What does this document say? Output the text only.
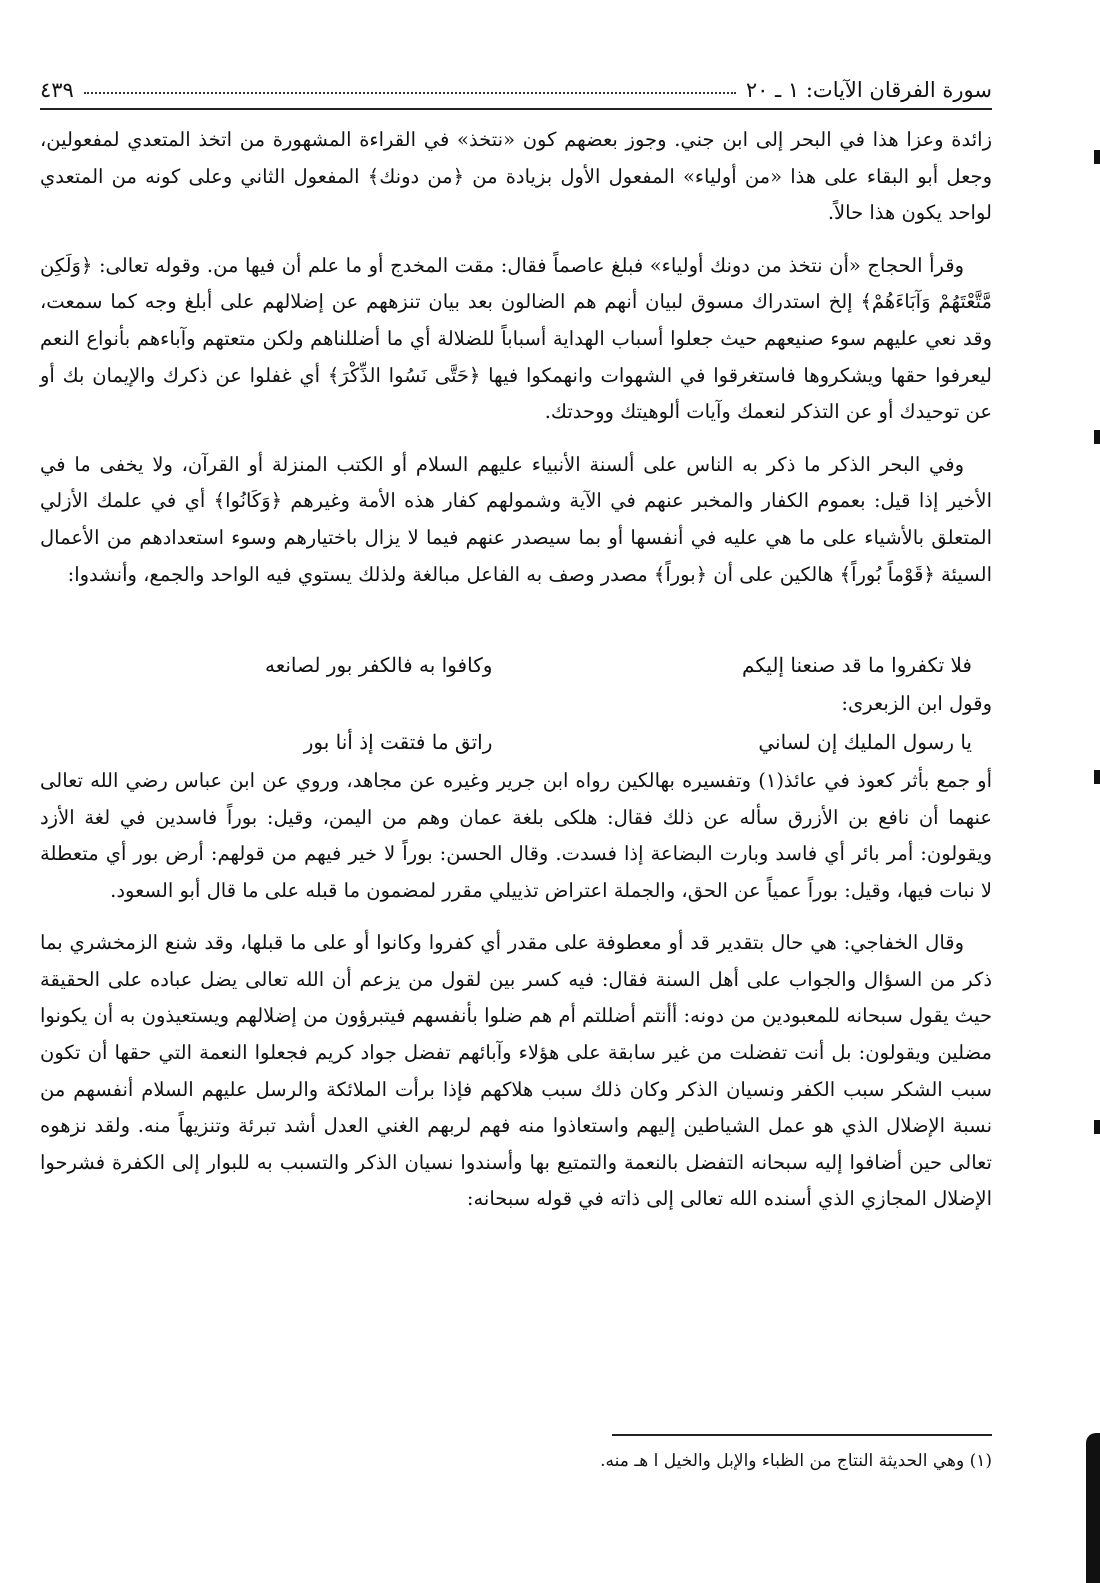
سورة الفرقان الآيات: ١ ـ ٢٠
٤٣٩

زائدة وعزا هذا في البحر إلى ابن جني. وجوز بعضهم كون «نتخذ» في القراءة المشهورة من اتخذ المتعدي لمفعولين، وجعل أبو البقاء على هذا «من أولياء» المفعول الأول بزيادة من ﴿من دونك﴾ المفعول الثاني وعلى كونه من المتعدي لواحد يكون هذا حالاً.

وقرأ الحجاج «أن نتخذ من دونك أولياء» فبلغ عاصماً فقال: مقت المخدج أو ما علم أن فيها من. وقوله تعالى: ﴿وَلَكِن مَّتَّعْتَهُمْ وَآبَاءَهُمْ﴾ إلخ استدراك مسوق لبيان أنهم هم الضالون بعد بيان تنزههم عن إضلالهم على أبلغ وجه كما سمعت، وقد نعي عليهم سوء صنيعهم حيث جعلوا أسباب الهداية أسباباً للضلالة أي ما أضللناهم ولكن متعتهم وآباءهم بأنواع النعم ليعرفوا حقها ويشكروها فاستغرقوا في الشهوات وانهمكوا فيها ﴿حَتَّى نَسُوا الذِّكْرَ﴾ أي غفلوا عن ذكرك والإيمان بك أو عن توحيدك أو عن التذكر لنعمك وآيات ألوهيتك ووحدتك.

وفي البحر الذكر ما ذكر به الناس على ألسنة الأنبياء عليهم السلام أو الكتب المنزلة أو القرآن، ولا يخفى ما في الأخير إذا قيل: بعموم الكفار والمخبر عنهم في الآية وشمولهم كفار هذه الأمة وغيرهم ﴿وَكَانُوا﴾ أي في علمك الأزلي المتعلق بالأشياء على ما هي عليه في أنفسها أو بما سيصدر عنهم فيما لا يزال باختيارهم وسوء استعدادهم من الأعمال السيئة ﴿قَوْماً بُوراً﴾ هالكين على أن ﴿بوراً﴾ مصدر وصف به الفاعل مبالغة ولذلك يستوي فيه الواحد والجمع، وأنشدوا:

فلا تكفروا ما قد صنعنا إليكم
وكافوا به فالكفر بور لصانعه

وقول ابن الزبعرى:

يا رسول المليك إن لساني
راتق ما فتقت إذ أنا بور

أو جمع بأثر كعوذ في عائذ(١) وتفسيره بهالكين رواه ابن جرير وغيره عن مجاهد، وروي عن ابن عباس رضي الله تعالى عنهما أن نافع بن الأزرق سأله عن ذلك فقال: هلكى بلغة عمان وهم من اليمن، وقيل: بوراً فاسدين في لغة الأزد ويقولون: أمر بائر أي فاسد وبارت البضاعة إذا فسدت. وقال الحسن: بوراً لا خير فيهم من قولهم: أرض بور أي متعطلة لا نبات فيها، وقيل: بوراً عمياً عن الحق، والجملة اعتراض تذييلي مقرر لمضمون ما قبله على ما قال أبو السعود.

وقال الخفاجي: هي حال بتقدير قد أو معطوفة على مقدر أي كفروا وكانوا أو على ما قبلها، وقد شنع الزمخشري بما ذكر من السؤال والجواب على أهل السنة فقال: فيه كسر بين لقول من يزعم أن الله تعالى يضل عباده على الحقيقة حيث يقول سبحانه للمعبودين من دونه: أأنتم أضللتم أم هم ضلوا بأنفسهم فيتبرؤون من إضلالهم ويستعيذون به أن يكونوا مضلين ويقولون: بل أنت تفضلت من غير سابقة على هؤلاء وآبائهم تفضل جواد كريم فجعلوا النعمة التي حقها أن تكون سبب الشكر سبب الكفر ونسيان الذكر وكان ذلك سبب هلاكهم فإذا برأت الملائكة والرسل عليهم السلام أنفسهم من نسبة الإضلال الذي هو عمل الشياطين إليهم واستعاذوا منه فهم لربهم الغني العدل أشد تبرئة وتنزيهاً منه. ولقد نزهوه تعالى حين أضافوا إليه سبحانه التفضل بالنعمة والتمتيع بها وأسندوا نسيان الذكر والتسبب به للبوار إلى الكفرة فشرحوا الإضلال المجازي الذي أسنده الله تعالى إلى ذاته في قوله سبحانه:

(١) وهي الحديثة النتاج من الظباء والإبل والخيل ا هـ منه.
